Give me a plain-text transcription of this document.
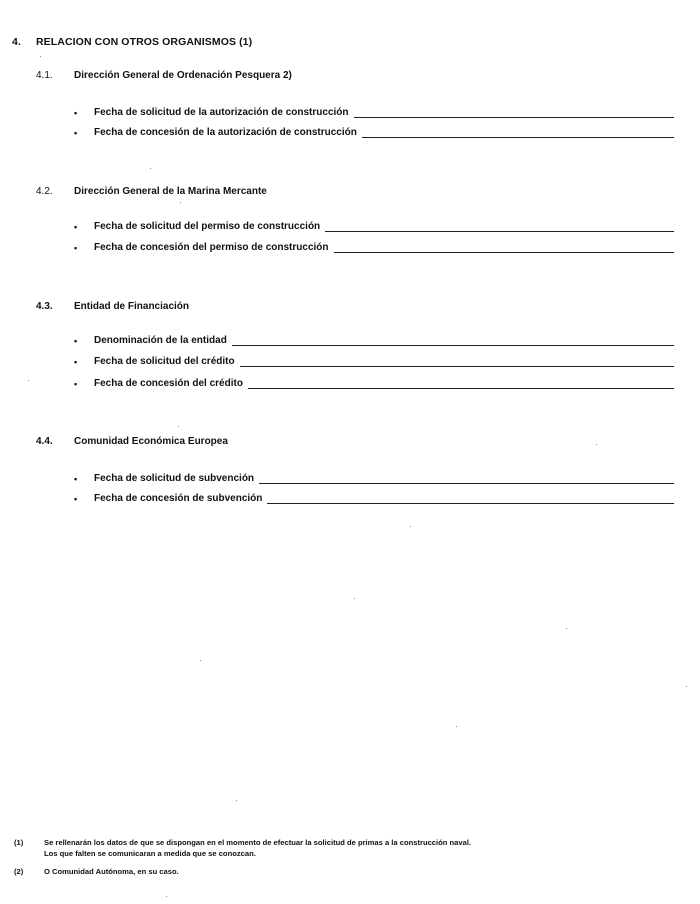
4. RELACION CON OTROS ORGANISMOS (1)
4.1. Dirección General de Ordenación Pesquera 2)
•	Fecha de solicitud de la autorización de construcción
•	Fecha de concesión de la autorización de construcción
4.2. Dirección General de la Marina Mercante
•	Fecha de solicitud del permiso de construcción
•	Fecha de concesión del permiso de construcción
4.3. Entidad de Financiación
•	Denominación de la entidad
•	Fecha de solicitud del crédito
•	Fecha de concesión del crédito
4.4. Comunidad Económica Europea
•	Fecha de solicitud de subvención
•	Fecha de concesión de subvención
(1)	Se rellenarán los datos de que se dispongan en el momento de efectuar la solicitud de primas a la construcción naval.
Los que falten se comunicaran a medida que se conozcan.
(2)	O Comunidad Autónoma, en su caso.
